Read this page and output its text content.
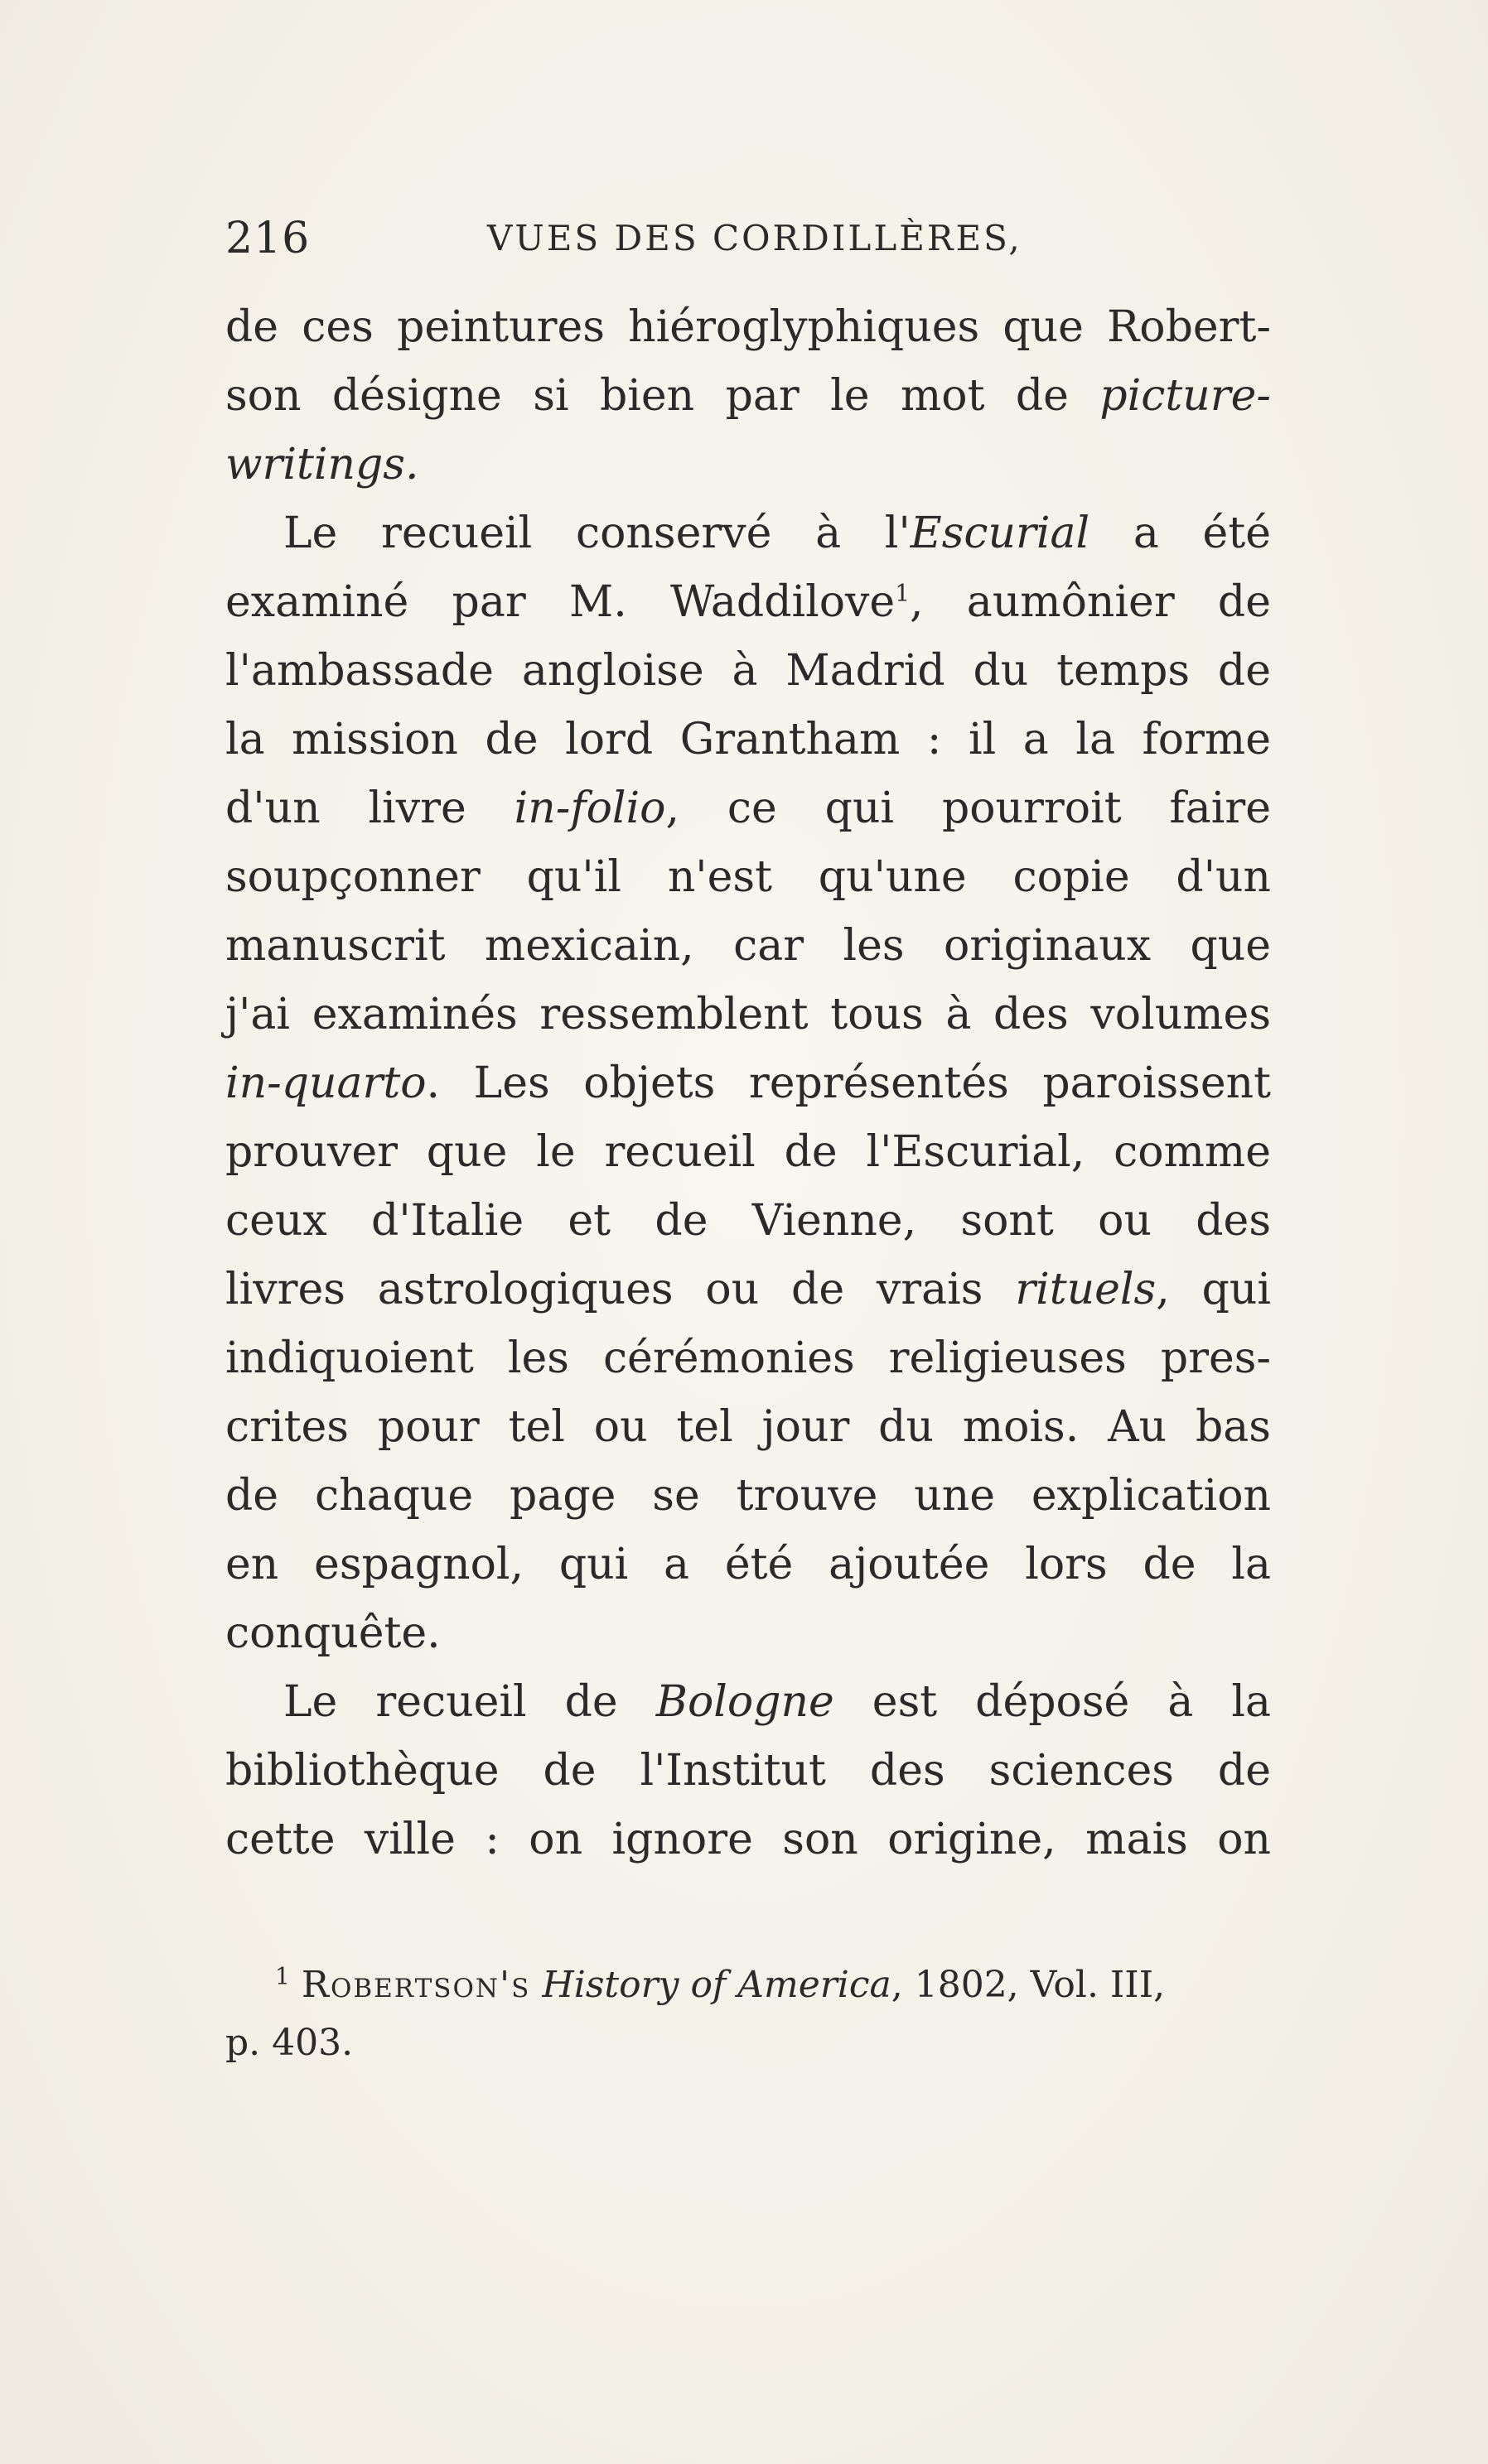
216	VUES DES CORDILLÈRES,
de ces peintures hiéroglyphiques que Robert-
son désigne si bien par le mot de picture-
writings.
Le recueil conservé à l'Escurial a été
examiné par M. Waddilove$^1$, aumônier de
l'ambassade angloise à Madrid du temps de
la mission de lord Grantham : il a la forme
d'un livre in-folio, ce qui pourroit faire
soupçonner qu'il n'est qu'une copie d'un
manuscrit mexicain, car les originaux que
j'ai examinés ressemblent tous à des volumes
in-quarto. Les objets représentés paroissent
prouver que le recueil de l'Escurial, comme
ceux d'Italie et de Vienne, sont ou des
livres astrologiques ou de vrais rituels, qui
indiquoient les cérémonies religieuses pres-
crites pour tel ou tel jour du mois. Au bas
de chaque page se trouve une explication
en espagnol, qui a été ajoutée lors de la
conquête.
Le recueil de Bologne est déposé à la
bibliothèque de l'Institut des sciences de
cette ville : on ignore son origine, mais on
$^1$ Robertson's History of America, 1802, Vol. III,
p. 403.
